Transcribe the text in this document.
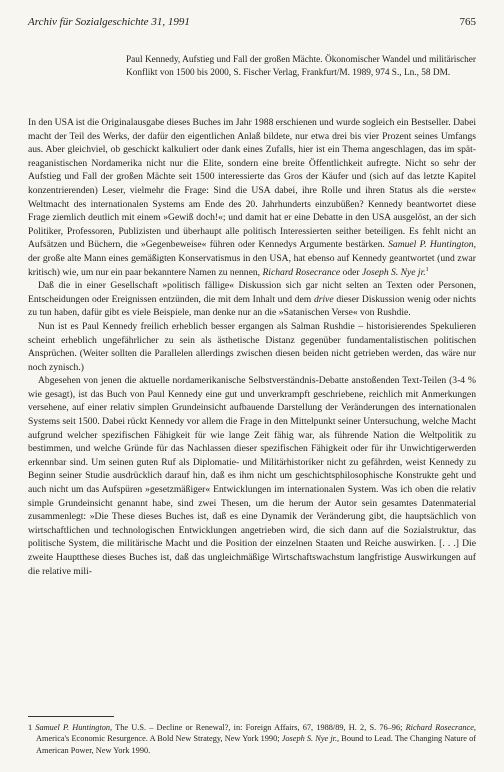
Archiv für Sozialgeschichte 31, 1991	765
Paul Kennedy, Aufstieg und Fall der großen Mächte. Ökonomischer Wandel und militärischer Konflikt von 1500 bis 2000, S. Fischer Verlag, Frankfurt/M. 1989, 974 S., Ln., 58 DM.

In den USA ist die Originalausgabe dieses Buches im Jahr 1988 erschienen und wurde sogleich ein Bestseller. Dabei macht der Teil des Werks, der dafür den eigentlichen Anlaß bildete, nur etwa drei bis vier Prozent seines Umfangs aus. Aber gleichviel, ob geschickt kalkuliert oder dank eines Zufalls, hier ist ein Thema angeschlagen, das im spät-reaganistischen Nordamerika nicht nur die Elite, sondern eine breite Öffentlichkeit aufregte. Nicht so sehr der Aufstieg und Fall der großen Mächte seit 1500 interessierte das Gros der Käufer und (sich auf das letzte Kapitel konzentrierenden) Leser, vielmehr die Frage: Sind die USA dabei, ihre Rolle und ihren Status als die »erste« Weltmacht des internationalen Systems am Ende des 20. Jahrhunderts einzubüßen? Kennedy beantwortet diese Frage ziemlich deutlich mit einem »Gewiß doch!«; und damit hat er eine Debatte in den USA ausgelöst, an der sich Politiker, Professoren, Publizisten und überhaupt alle politisch Interessierten seither beteiligen. Es fehlt nicht an Aufsätzen und Büchern, die »Gegenbeweise« führen oder Kennedys Argumente bestärken. Samuel P. Huntington, der große alte Mann eines gemäßigten Konservatismus in den USA, hat ebenso auf Kennedy geantwortet (und zwar kritisch) wie, um nur ein paar bekanntere Namen zu nennen, Richard Rosecrance oder Joseph S. Nye jr.$^1$

Daß die in einer Gesellschaft »politisch fällige« Diskussion sich gar nicht selten an Texten oder Personen, Entscheidungen oder Ereignissen entzünden, die mit dem Inhalt und dem drive dieser Diskussion wenig oder nichts zu tun haben, dafür gibt es viele Beispiele, man denke nur an die »Satanischen Verse« von Rushdie.

Nun ist es Paul Kennedy freilich erheblich besser ergangen als Salman Rushdie – historisierendes Spekulieren scheint erheblich ungefährlicher zu sein als ästhetische Distanz gegenüber fundamentalistischen politischen Ansprüchen. (Weiter sollten die Parallelen allerdings zwischen diesen beiden nicht getrieben werden, das wäre nur noch zynisch.)

Abgesehen von jenen die aktuelle nordamerikanische Selbstverständnis-Debatte anstoßenden Text-Teilen (3-4 % wie gesagt), ist das Buch von Paul Kennedy eine gut und unverkrampft geschriebene, reichlich mit Anmerkungen versehene, auf einer relativ simplen Grundeinsicht aufbauende Darstellung der Veränderungen des internationalen Systems seit 1500. Dabei rückt Kennedy vor allem die Frage in den Mittelpunkt seiner Untersuchung, welche Macht aufgrund welcher spezifischen Fähigkeit für wie lange Zeit fähig war, als führende Nation die Weltpolitik zu bestimmen, und welche Gründe für das Nachlassen dieser spezifischen Fähigkeit oder für ihr Unwichtigerwerden erkennbar sind. Um seinen guten Ruf als Diplomatie- und Militärhistoriker nicht zu gefährden, weist Kennedy zu Beginn seiner Studie ausdrücklich darauf hin, daß es ihm nicht um geschichtsphilosophische Konstrukte geht und auch nicht um das Aufspüren »gesetzmäßiger« Entwicklungen im internationalen System. Was ich oben die relativ simple Grundeinsicht genannt habe, sind zwei Thesen, um die herum der Autor sein gesamtes Datenmaterial zusammenlegt: »Die These dieses Buches ist, daß es eine Dynamik der Veränderung gibt, die hauptsächlich von wirtschaftlichen und technologischen Entwicklungen angetrieben wird, die sich dann auf die Sozialstruktur, das politische System, die militärische Macht und die Position der einzelnen Staaten und Reiche auswirken. [. . .] Die zweite Hauptthese dieses Buches ist, daß das ungleichmäßige Wirtschaftswachstum langfristige Auswirkungen auf die relative mili-

1 Samuel P. Huntington, The U.S. – Decline or Renewal?, in: Foreign Affairs, 67, 1988/89, H. 2, S. 76–96; Richard Rosecrance, America's Economic Resurgence. A Bold New Strategy, New York 1990; Joseph S. Nye jr., Bound to Lead. The Changing Nature of American Power, New York 1990.
